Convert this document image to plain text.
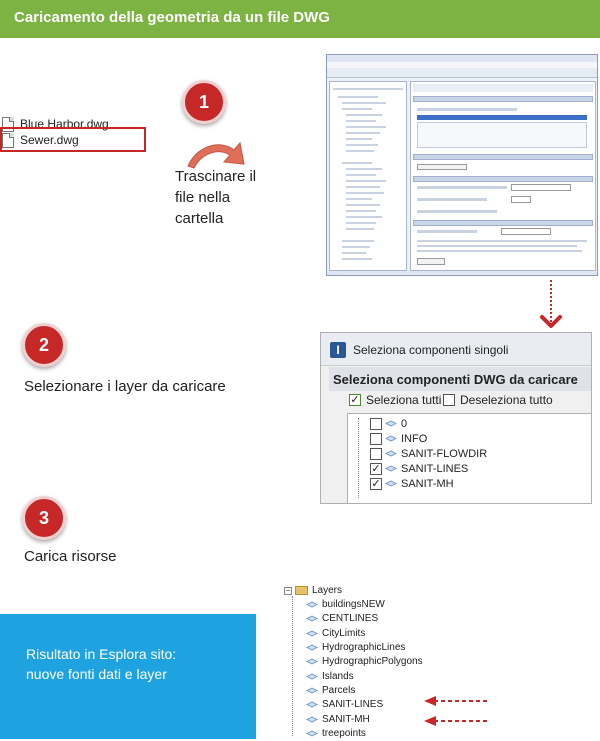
Caricamento della geometria da un file DWG
1
Trascinare il
file nella
cartella
Blue Harbor.dwg
Sewer.dwg
2
Selezionare i layer da caricare
I	Seleziona componenti singoli
Seleziona componenti DWG da caricare
✓ Seleziona tutti Deseleziona tutto
0
INFO
SANIT-FLOWDIR
✓ SANIT-LINES
✓ SANIT-MH
3
Carica risorse
Risultato in Esplora sito:
nuove fonti dati e layer
− Layers
buildingsNEW
CENTLINES
CityLimits
HydrographicLines
HydrographicPolygons
Islands
Parcels
SANIT-LINES
SANIT-MH
treepoints
